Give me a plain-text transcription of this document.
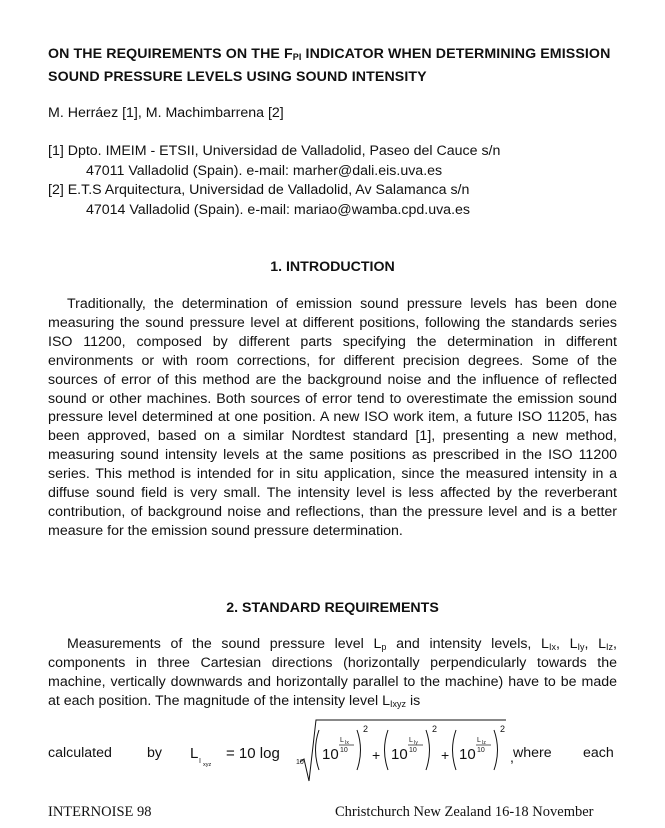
ON THE REQUIREMENTS ON THE $F_{PI}$ INDICATOR WHEN DETERMINING EMISSION SOUND PRESSURE LEVELS USING SOUND INTENSITY
M. Herráez [1], M. Machimbarrena [2]
[1] Dpto. IMEIM - ETSII, Universidad de Valladolid, Paseo del Cauce s/n
47011 Valladolid (Spain). e-mail: marher@dali.eis.uva.es
[2] E.T.S Arquitectura, Universidad de Valladolid, Av Salamanca s/n
47014 Valladolid (Spain). e-mail: mariao@wamba.cpd.uva.es
1. INTRODUCTION
Traditionally, the determination of emission sound pressure levels has been done measuring the sound pressure level at different positions, following the standards series ISO 11200, composed by different parts specifying the determination in different environments or with room corrections, for different precision degrees. Some of the sources of error of this method are the background noise and the influence of reflected sound or other machines. Both sources of error tend to overestimate the emission sound pressure level determined at one position. A new ISO work item, a future ISO 11205, has been approved, based on a similar Nordtest standard [1], presenting a new method, measuring sound intensity levels at the same positions as prescribed in the ISO 11200 series. This method is intended for in situ application, since the measured intensity in a diffuse sound field is very small. The intensity level is less affected by the reverberant contribution, of background noise and reflections, than the pressure level and is a better measure for the emission sound pressure determination.
2. STANDARD REQUIREMENTS
Measurements of the sound pressure level $L_p$ and intensity levels, $L_{Ix}$, $L_{Iy}$, $L_{Iz}$, components in three Cartesian directions (horizontally perpendicularly towards the machine, vertically downwards and horizontally parallel to the machine) have to be made at each position. The magnitude of the intensity level $L_{Ixyz}$ is
calculated by L I xyz
= 10 log
10 10
L Ix
10
2
+ 10
L Iy
10
2
+ 10
L Iz
10
2
, where each
INTERNOISE 98	Christchurch New Zealand 16-18 November
